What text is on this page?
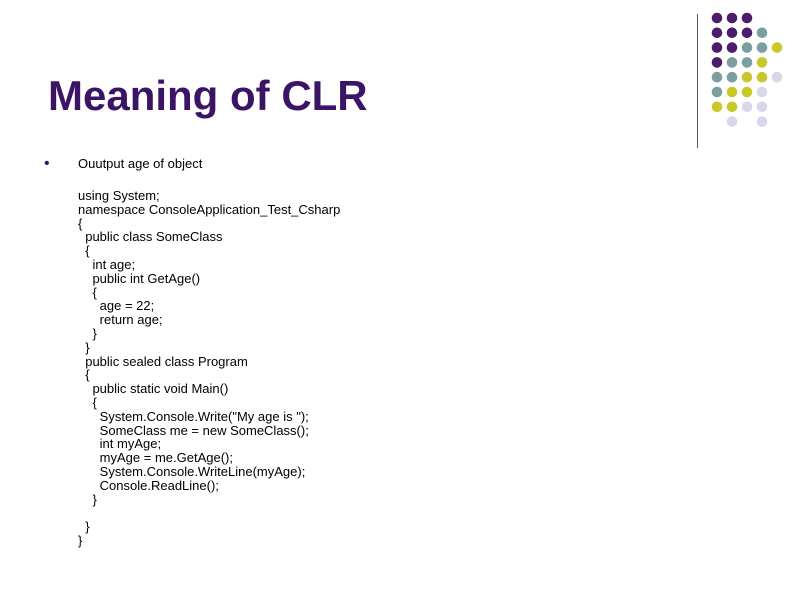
Meaning of CLR
• Ouutput age of object
using System;
namespace ConsoleApplication_Test_Csharp
{
public class SomeClass
{
int age;
public int GetAge()
{
age = 22;
return age;
}
}
public sealed class Program
{
public static void Main()
{
System.Console.Write("My age is ");
SomeClass me = new SomeClass();
int myAge;
myAge = me.GetAge();
System.Console.WriteLine(myAge);
Console.ReadLine();
}

}
}
